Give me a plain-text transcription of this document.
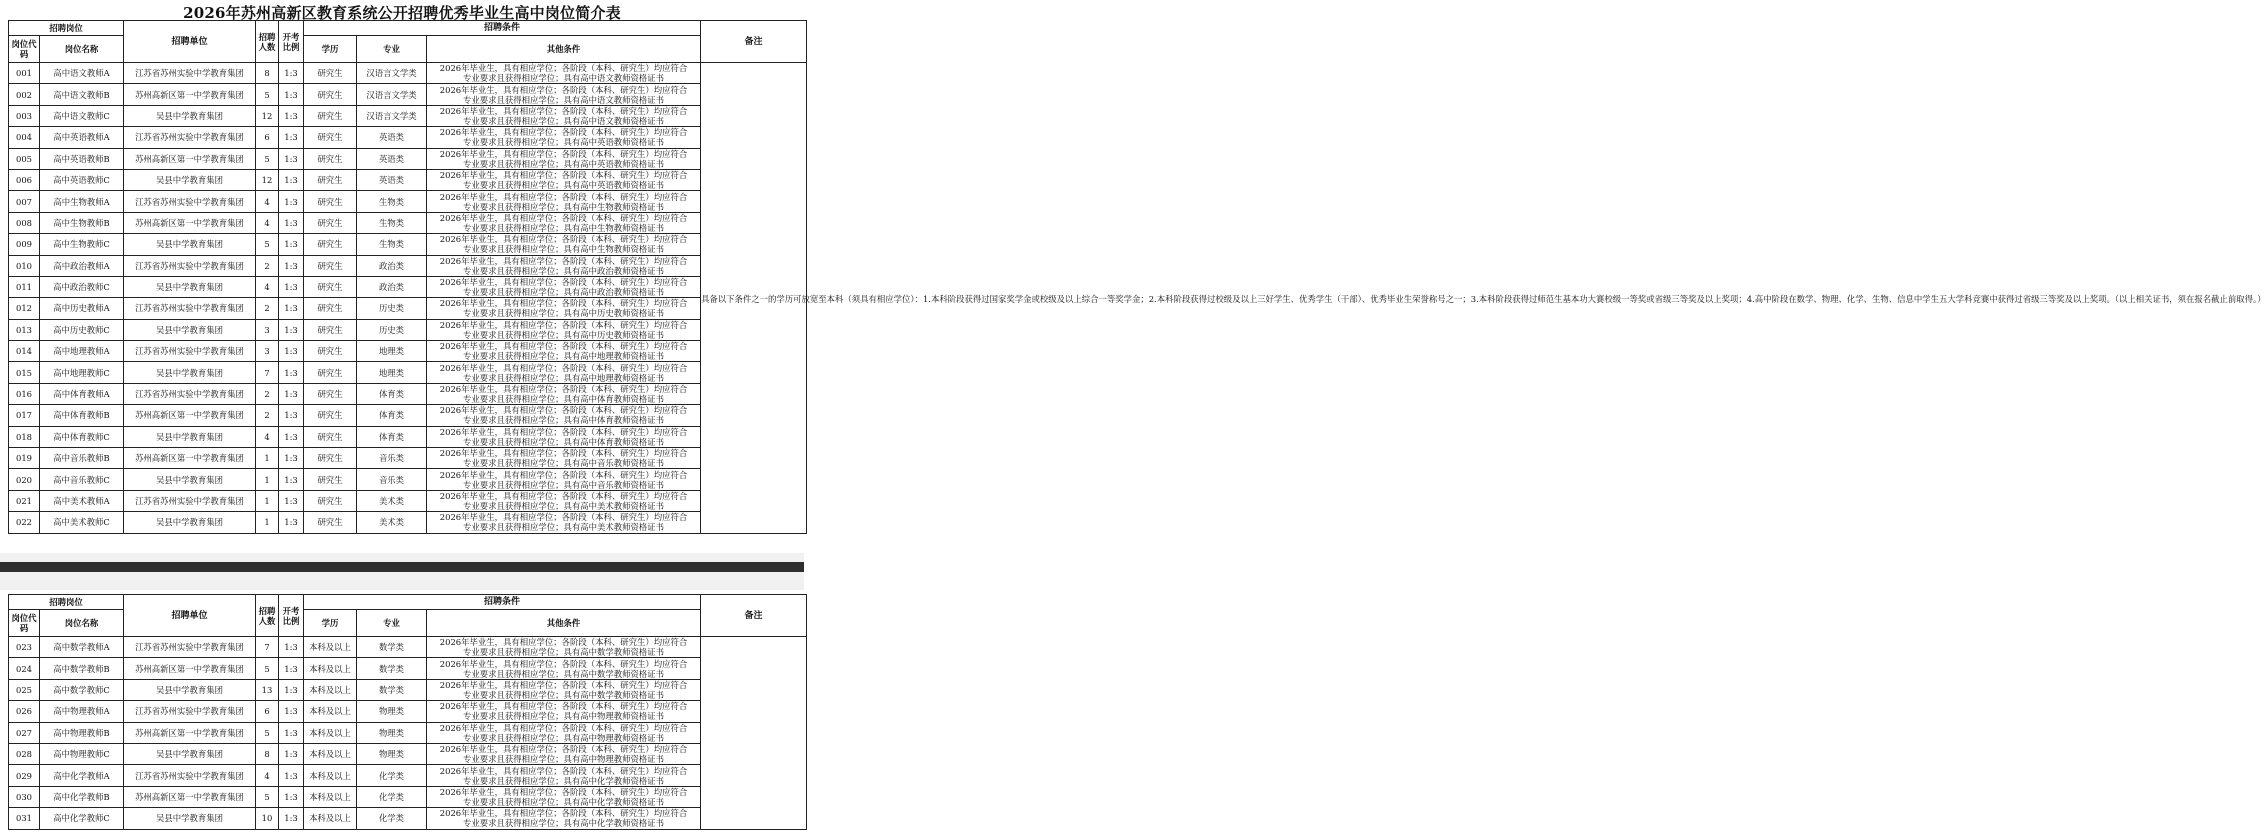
2026年苏州高新区教育系统公开招聘优秀毕业生高中岗位简介表
招聘岗位		招聘单位	招聘人数	开考比例	招聘条件			备注
岗位代码	岗位名称				学历	专业	其他条件	
001	高中语文教师A	江苏省苏州实验中学教育集团	8	1:3	研究生	汉语言文学类	2026年毕业生，具有相应学位；各阶段（本科、研究生）均应符合
专业要求且获得相应学位；具有高中语文教师资格证书	具备以下条件之一的学历可放宽至本科（须具有相应学位）：1.本科阶段获得过国家奖学金或校级及以上综合一等奖学金；2.本科阶段获得过校级及以上三好学生、优秀学生（干部）、优秀毕业生荣誉称号之一；3.本科阶段获得过师范生基本功大赛校级一等奖或省级三等奖及以上奖项；4.高中阶段在数学、物理、化学、生物、信息中学生五大学科竞赛中获得过省级三等奖及以上奖项。（以上相关证书，须在报名截止前取得。）

002	高中语文教师B	苏州高新区第一中学教育集团	5	1:3	研究生	汉语言文学类	2026年毕业生，具有相应学位；各阶段（本科、研究生）均应符合
专业要求且获得相应学位；具有高中语文教师资格证书	

003	高中语文教师C	吴县中学教育集团	12	1:3	研究生	汉语言文学类	2026年毕业生，具有相应学位；各阶段（本科、研究生）均应符合
专业要求且获得相应学位；具有高中语文教师资格证书	

004	高中英语教师A	江苏省苏州实验中学教育集团	6	1:3	研究生	英语类	2026年毕业生，具有相应学位；各阶段（本科、研究生）均应符合
专业要求且获得相应学位；具有高中英语教师资格证书	

005	高中英语教师B	苏州高新区第一中学教育集团	5	1:3	研究生	英语类	2026年毕业生，具有相应学位；各阶段（本科、研究生）均应符合
专业要求且获得相应学位；具有高中英语教师资格证书	

006	高中英语教师C	吴县中学教育集团	12	1:3	研究生	英语类	2026年毕业生，具有相应学位；各阶段（本科、研究生）均应符合
专业要求且获得相应学位；具有高中英语教师资格证书	

007	高中生物教师A	江苏省苏州实验中学教育集团	4	1:3	研究生	生物类	2026年毕业生，具有相应学位；各阶段（本科、研究生）均应符合
专业要求且获得相应学位；具有高中生物教师资格证书	

008	高中生物教师B	苏州高新区第一中学教育集团	4	1:3	研究生	生物类	2026年毕业生，具有相应学位；各阶段（本科、研究生）均应符合
专业要求且获得相应学位；具有高中生物教师资格证书	

009	高中生物教师C	吴县中学教育集团	5	1:3	研究生	生物类	2026年毕业生，具有相应学位；各阶段（本科、研究生）均应符合
专业要求且获得相应学位；具有高中生物教师资格证书	

010	高中政治教师A	江苏省苏州实验中学教育集团	2	1:3	研究生	政治类	2026年毕业生，具有相应学位；各阶段（本科、研究生）均应符合
专业要求且获得相应学位；具有高中政治教师资格证书	

011	高中政治教师C	吴县中学教育集团	4	1:3	研究生	政治类	2026年毕业生，具有相应学位；各阶段（本科、研究生）均应符合
专业要求且获得相应学位；具有高中政治教师资格证书	

012	高中历史教师A	江苏省苏州实验中学教育集团	2	1:3	研究生	历史类	2026年毕业生，具有相应学位；各阶段（本科、研究生）均应符合
专业要求且获得相应学位；具有高中历史教师资格证书	

013	高中历史教师C	吴县中学教育集团	3	1:3	研究生	历史类	2026年毕业生，具有相应学位；各阶段（本科、研究生）均应符合
专业要求且获得相应学位；具有高中历史教师资格证书	

014	高中地理教师A	江苏省苏州实验中学教育集团	3	1:3	研究生	地理类	2026年毕业生，具有相应学位；各阶段（本科、研究生）均应符合
专业要求且获得相应学位；具有高中地理教师资格证书	

015	高中地理教师C	吴县中学教育集团	7	1:3	研究生	地理类	2026年毕业生，具有相应学位；各阶段（本科、研究生）均应符合
专业要求且获得相应学位；具有高中地理教师资格证书	

016	高中体育教师A	江苏省苏州实验中学教育集团	2	1:3	研究生	体育类	2026年毕业生，具有相应学位；各阶段（本科、研究生）均应符合
专业要求且获得相应学位；具有高中体育教师资格证书	

017	高中体育教师B	苏州高新区第一中学教育集团	2	1:3	研究生	体育类	2026年毕业生，具有相应学位；各阶段（本科、研究生）均应符合
专业要求且获得相应学位；具有高中体育教师资格证书	

018	高中体育教师C	吴县中学教育集团	4	1:3	研究生	体育类	2026年毕业生，具有相应学位；各阶段（本科、研究生）均应符合
专业要求且获得相应学位；具有高中体育教师资格证书	

019	高中音乐教师B	苏州高新区第一中学教育集团	1	1:3	研究生	音乐类	2026年毕业生，具有相应学位；各阶段（本科、研究生）均应符合
专业要求且获得相应学位；具有高中音乐教师资格证书	

020	高中音乐教师C	吴县中学教育集团	1	1:3	研究生	音乐类	2026年毕业生，具有相应学位；各阶段（本科、研究生）均应符合
专业要求且获得相应学位；具有高中音乐教师资格证书	

021	高中美术教师A	江苏省苏州实验中学教育集团	1	1:3	研究生	美术类	2026年毕业生，具有相应学位；各阶段（本科、研究生）均应符合
专业要求且获得相应学位；具有高中美术教师资格证书	

022	高中美术教师C	吴县中学教育集团	1	1:3	研究生	美术类	2026年毕业生，具有相应学位；各阶段（本科、研究生）均应符合
专业要求且获得相应学位；具有高中美术教师资格证书	
招聘岗位		招聘单位	招聘人数	开考比例	招聘条件			备注
岗位代码	岗位名称				学历	专业	其他条件	
023	高中数学教师A	江苏省苏州实验中学教育集团	7	1:3	本科及以上	数学类	2026年毕业生，具有相应学位；各阶段（本科、研究生）均应符合
专业要求且获得相应学位；具有高中数学教师资格证书	

024	高中数学教师B	苏州高新区第一中学教育集团	5	1:3	本科及以上	数学类	2026年毕业生，具有相应学位；各阶段（本科、研究生）均应符合
专业要求且获得相应学位；具有高中数学教师资格证书	

025	高中数学教师C	吴县中学教育集团	13	1:3	本科及以上	数学类	2026年毕业生，具有相应学位；各阶段（本科、研究生）均应符合
专业要求且获得相应学位；具有高中数学教师资格证书	

026	高中物理教师A	江苏省苏州实验中学教育集团	6	1:3	本科及以上	物理类	2026年毕业生，具有相应学位；各阶段（本科、研究生）均应符合
专业要求且获得相应学位；具有高中物理教师资格证书	

027	高中物理教师B	苏州高新区第一中学教育集团	5	1:3	本科及以上	物理类	2026年毕业生，具有相应学位；各阶段（本科、研究生）均应符合
专业要求且获得相应学位；具有高中物理教师资格证书	

028	高中物理教师C	吴县中学教育集团	8	1:3	本科及以上	物理类	2026年毕业生，具有相应学位；各阶段（本科、研究生）均应符合
专业要求且获得相应学位；具有高中物理教师资格证书	

029	高中化学教师A	江苏省苏州实验中学教育集团	4	1:3	本科及以上	化学类	2026年毕业生，具有相应学位；各阶段（本科、研究生）均应符合
专业要求且获得相应学位；具有高中化学教师资格证书	

030	高中化学教师B	苏州高新区第一中学教育集团	5	1:3	本科及以上	化学类	2026年毕业生，具有相应学位；各阶段（本科、研究生）均应符合
专业要求且获得相应学位；具有高中化学教师资格证书	

031	高中化学教师C	吴县中学教育集团	10	1:3	本科及以上	化学类	2026年毕业生，具有相应学位；各阶段（本科、研究生）均应符合
专业要求且获得相应学位；具有高中化学教师资格证书	
